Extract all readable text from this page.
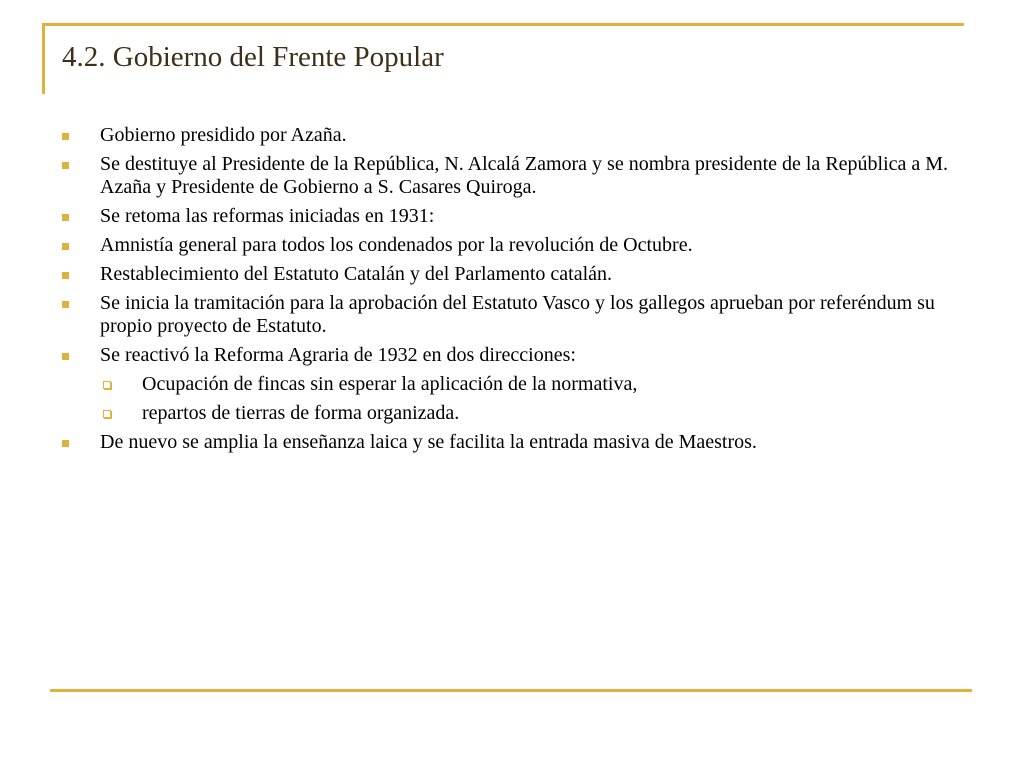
4.2. Gobierno del Frente Popular
Gobierno presidido por Azaña.
Se destituye al Presidente de la República, N. Alcalá Zamora y se nombra presidente de la República a M. Azaña y Presidente de Gobierno a S. Casares Quiroga.
Se retoma las reformas iniciadas en 1931:
Amnistía general para todos los condenados por la revolución de Octubre.
Restablecimiento del Estatuto Catalán y del Parlamento catalán.
Se inicia la tramitación para la aprobación del Estatuto Vasco y los gallegos aprueban por referéndum su propio proyecto de Estatuto.
Se reactivó la Reforma Agraria de 1932 en dos direcciones:
Ocupación de fincas sin esperar la aplicación de la normativa,
repartos de tierras de forma organizada.
De nuevo se amplia la enseñanza laica y se facilita la entrada masiva de Maestros.
